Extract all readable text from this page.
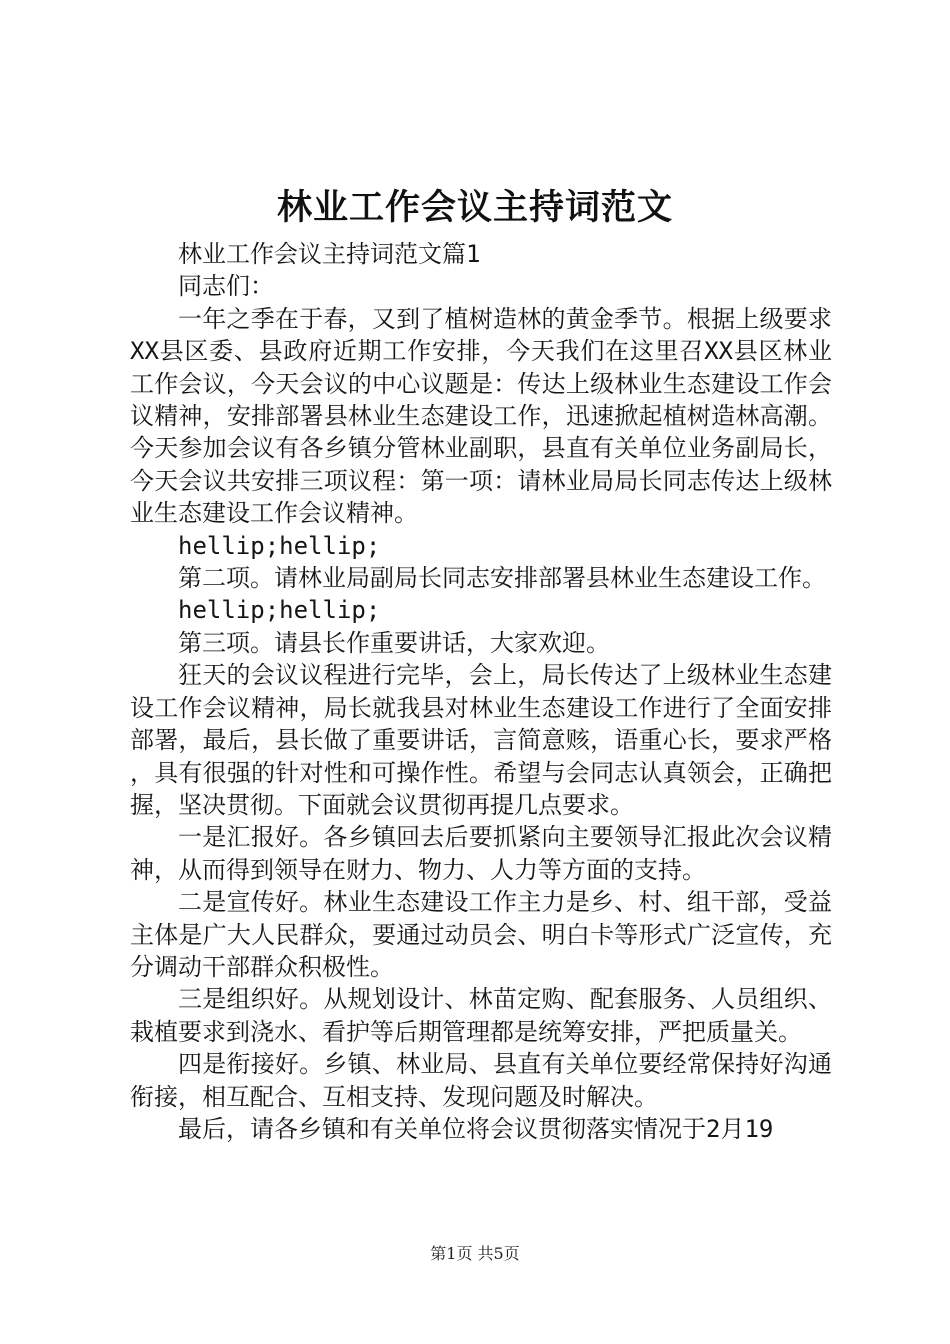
林业工作会议主持词范文

林业工作会议主持词范文篇1

同志们：

一年之季在于春，又到了植树造林的黄金季节。根据上级要求XX县区委、县政府近期工作安排，今天我们在这里召XX县区林业工作会议，今天会议的中心议题是：传达上级林业生态建设工作会议精神，安排部署县林业生态建设工作，迅速掀起植树造林高潮。今天参加会议有各乡镇分管林业副职，县直有关单位业务副局长，今天会议共安排三项议程：第一项：请林业局局长同志传达上级林业生态建设工作会议精神。

hellip;hellip;

第二项。请林业局副局长同志安排部署县林业生态建设工作。

hellip;hellip;

第三项。请县长作重要讲话，大家欢迎。

狂天的会议议程进行完毕，会上，局长传达了上级林业生态建设工作会议精神，局长就我县对林业生态建设工作进行了全面安排部署，最后，县长做了重要讲话，言简意赅，语重心长，要求严格，具有很强的针对性和可操作性。希望与会同志认真领会，正确把握，坚决贯彻。下面就会议贯彻再提几点要求。

一是汇报好。各乡镇回去后要抓紧向主要领导汇报此次会议精神，从而得到领导在财力、物力、人力等方面的支持。

二是宣传好。林业生态建设工作主力是乡、村、组干部，受益主体是广大人民群众，要通过动员会、明白卡等形式广泛宣传，充分调动干部群众积极性。

三是组织好。从规划设计、林苗定购、配套服务、人员组织、栽植要求到浇水、看护等后期管理都是统筹安排，严把质量关。

四是衔接好。乡镇、林业局、县直有关单位要经常保持好沟通衔接，相互配合、互相支持、发现问题及时解决。

最后，请各乡镇和有关单位将会议贯彻落实情况于2月19

第1页 共5页
